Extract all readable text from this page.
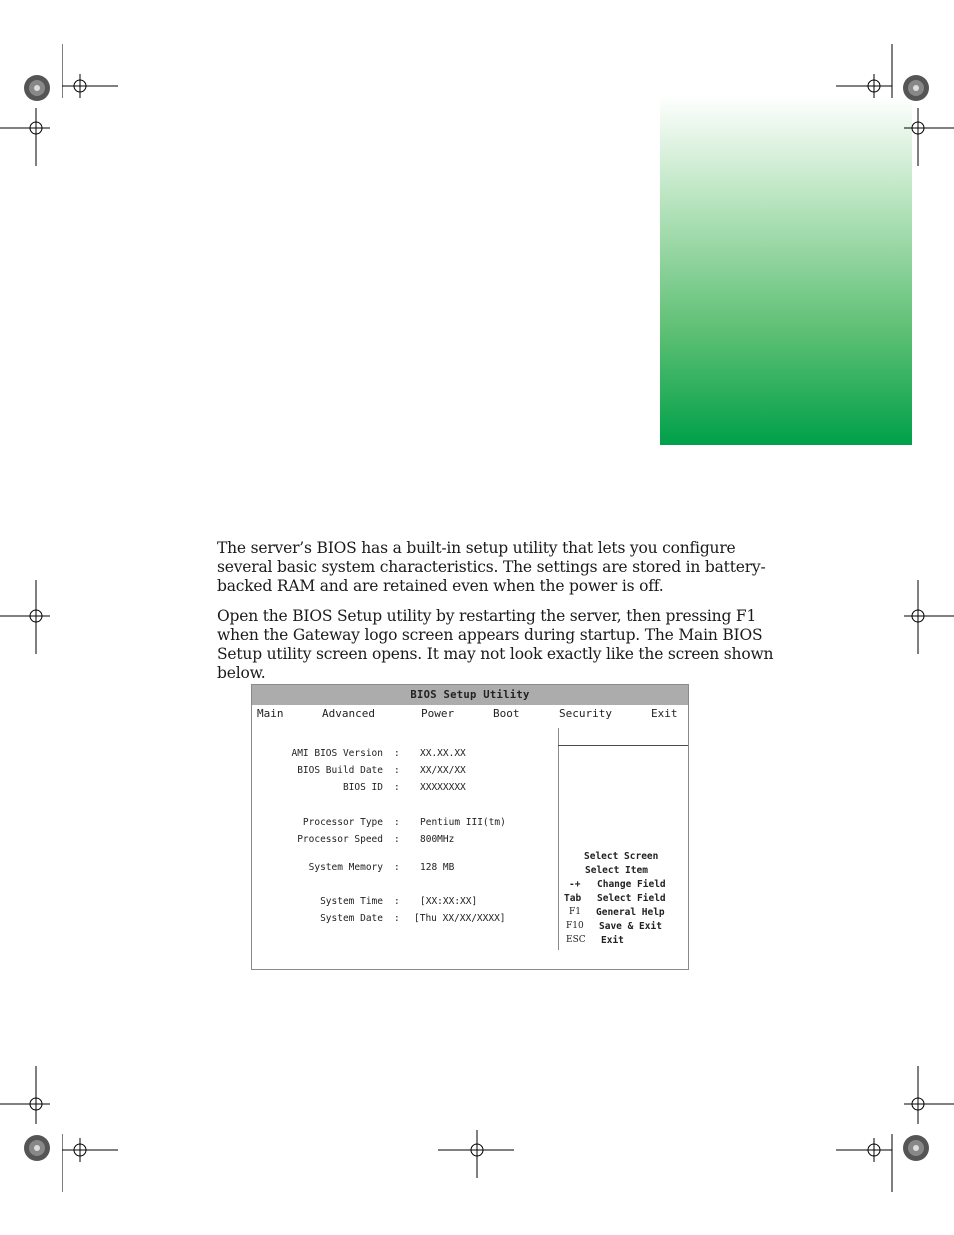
The server’s BIOS has a built-in setup utility that lets you configure several basic system characteristics. The settings are stored in battery-backed RAM and are retained even when the power is off.

Open the BIOS Setup utility by restarting the server, then pressing F1 when the Gateway logo screen appears during startup. The Main BIOS Setup utility screen opens. It may not look exactly like the screen shown below.

BIOS Setup Utility
Main	Advanced	Power	Boot	Security	Exit
AMI BIOS Version : XX.XX.XX
BIOS Build Date : XX/XX/XX
BIOS ID : XXXXXXXX
Processor Type : Pentium III(tm)
Processor Speed : 800MHz
System Memory : 128 MB
System Time : [XX:XX:XX]
System Date : [Thu XX/XX/XXXX]
Select Screen
Select Item
-+ Change Field
Tab Select Field
F1 General Help
F10 Save & Exit
ESC Exit
